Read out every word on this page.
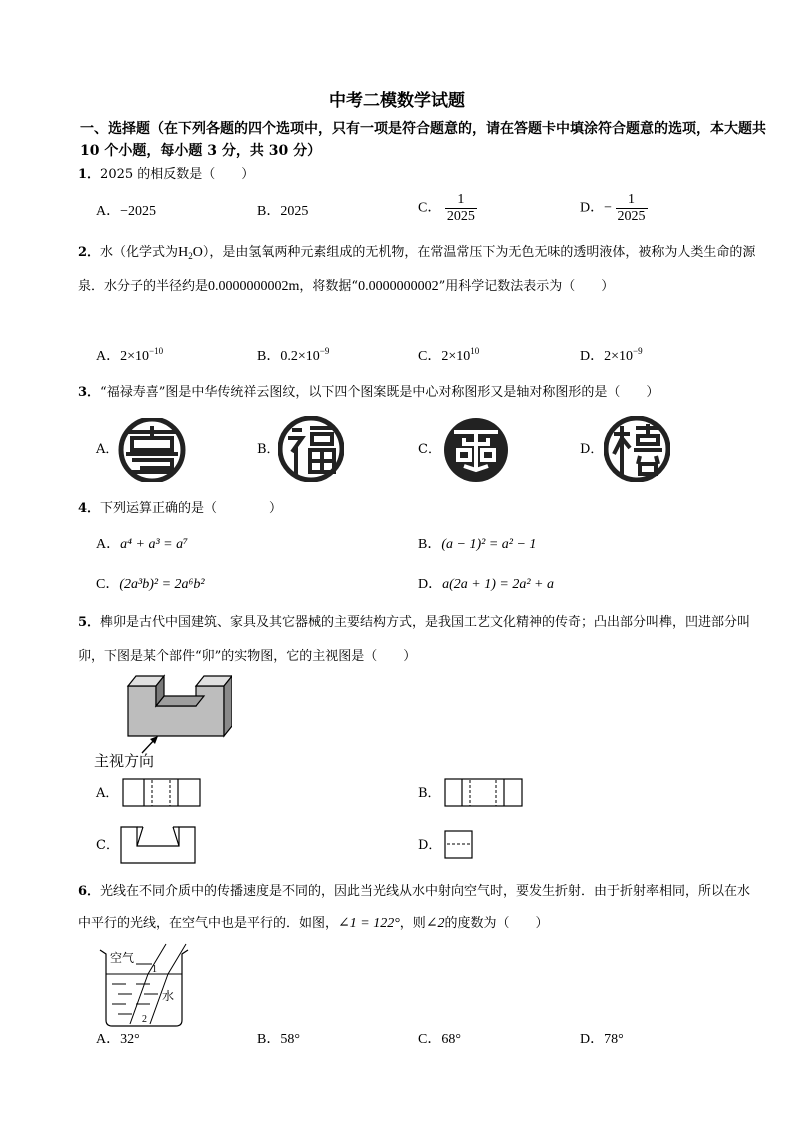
中考二模数学试题
一、选择题（在下列各题的四个选项中，只有一项是符合题意的，请在答题卡中填涂符合题意的选项，本大题共 10 个小题，每小题 3 分，共 30 分）
1．2025 的相反数是（　　）
A．−2025	B．2025	C． $\frac{1}{2025}$	D．− $\frac{1}{2025}$
2．水（化学式为$H_2O$），是由氢氧两种元素组成的无机物，在常温常压下为无色无味的透明液体，被称为人类生命的源泉．水分子的半径约是0.0000000002m，将数据“0.0000000002”用科学记数法表示为（　　）
A．$2\times 10^{-10}$	B．$0.2\times 10^{-9}$	C．$2\times 10^{10}$	D．$2\times 10^{-9}$
3．“福禄寿喜”图是中华传统祥云图纹，以下四个图案既是中心对称图形又是轴对称图形的是（　　）
A．	B．	C．	D．
4．下列运算正确的是（　　　　）
A．a⁴ + a³ = a⁷	B．(a − 1)² = a² − 1
C．(2a³b)² = 2a⁶b²	D．a(2a + 1) = 2a² + a
5．榫卯是古代中国建筑、家具及其它器械的主要结构方式，是我国工艺文化精神的传奇；凸出部分叫榫，凹进部分叫卯，下图是某个部件“卯”的实物图，它的主视图是（　　）
主视方向
A．	B．
C．	D．
6．光线在不同介质中的传播速度是不同的，因此当光线从水中射向空气时，要发生折射．由于折射率相同，所以在水中平行的光线，在空气中也是平行的．如图，∠1 = 122°，则∠2的度数为（　　）
空气
水
1
2
A．32°	B．58°	C．68°	D．78°
